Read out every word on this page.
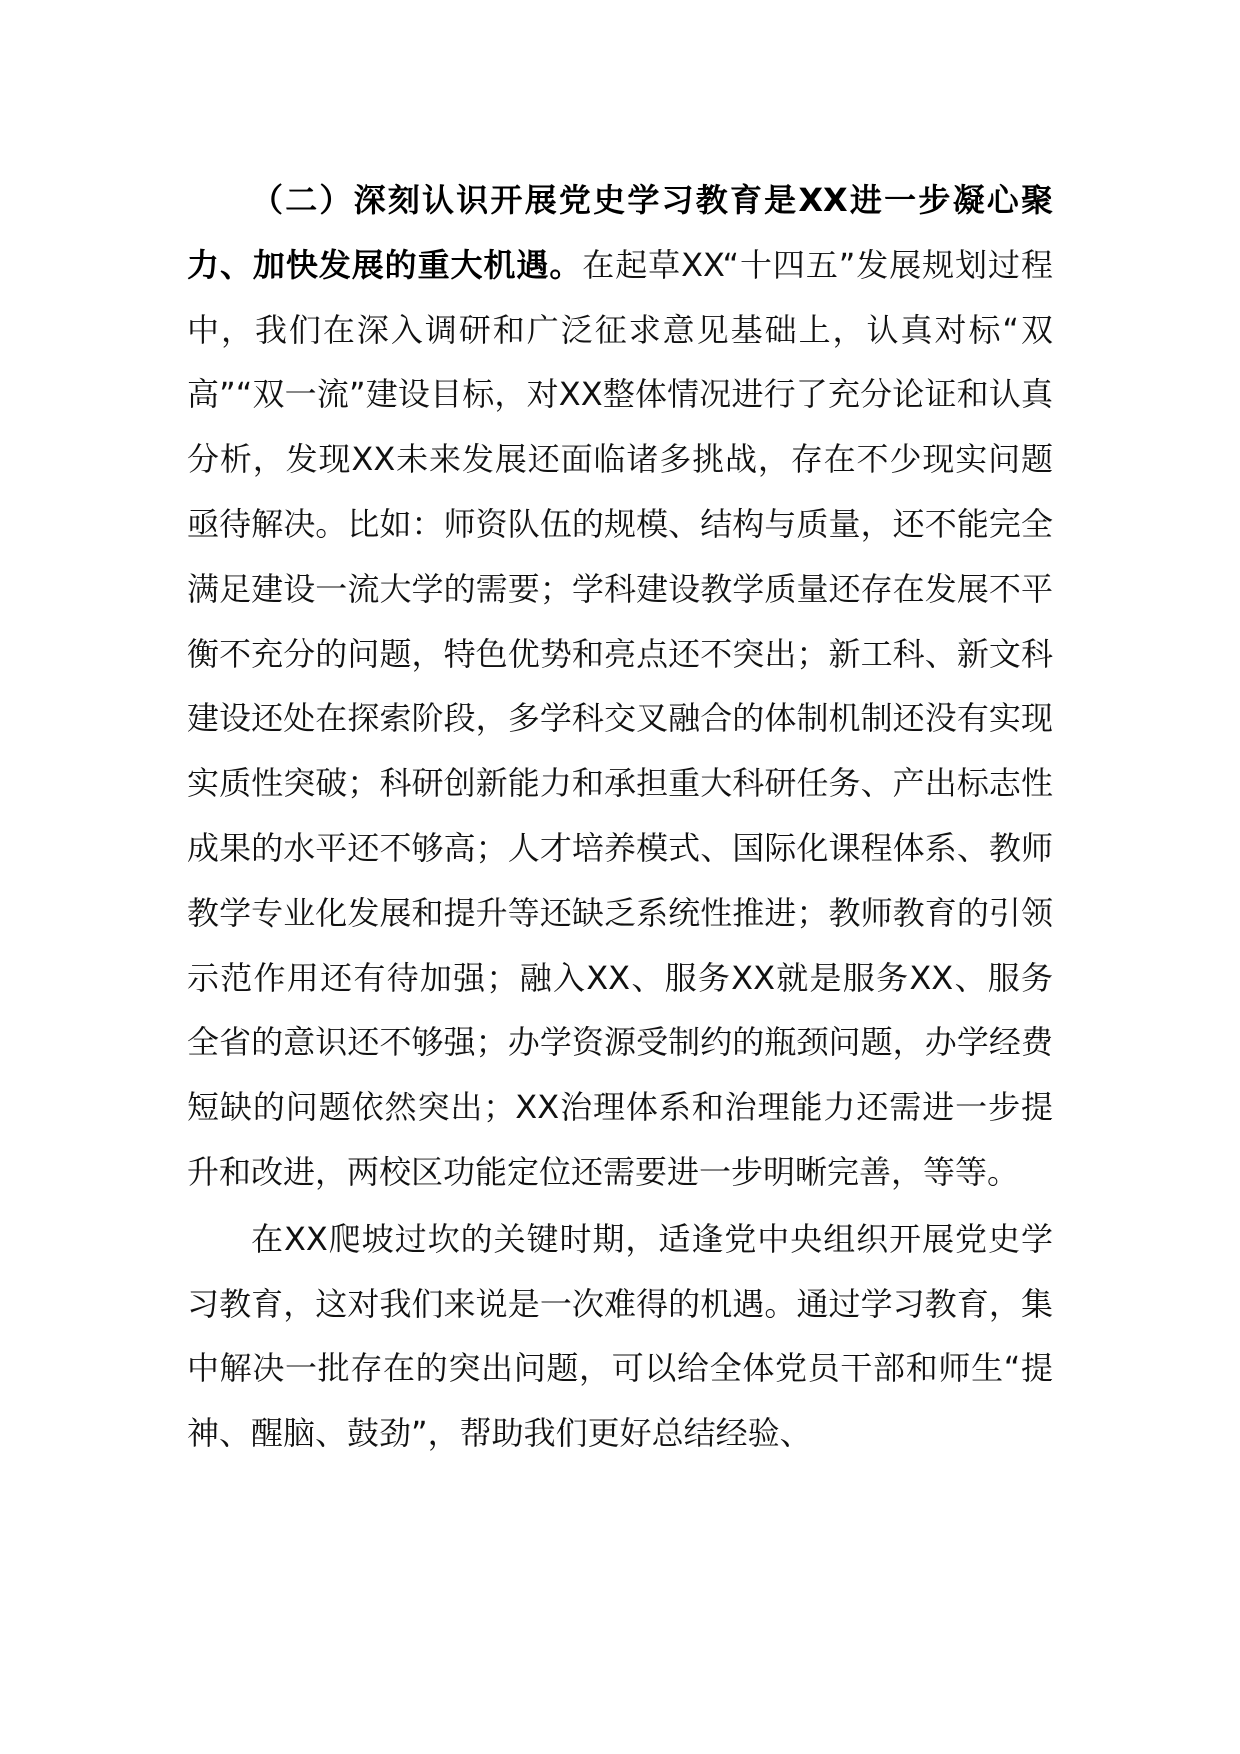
（二）深刻认识开展党史学习教育是XX进一步凝心聚力、加快发展的重大机遇。在起草XX“十四五”发展规划过程中，我们在深入调研和广泛征求意见基础上，认真对标“双高”“双一流”建设目标，对XX整体情况进行了充分论证和认真分析，发现XX未来发展还面临诸多挑战，存在不少现实问题亟待解决。比如：师资队伍的规模、结构与质量，还不能完全满足建设一流大学的需要；学科建设教学质量还存在发展不平衡不充分的问题，特色优势和亮点还不突出；新工科、新文科建设还处在探索阶段，多学科交叉融合的体制机制还没有实现实质性突破；科研创新能力和承担重大科研任务、产出标志性成果的水平还不够高；人才培养模式、国际化课程体系、教师教学专业化发展和提升等还缺乏系统性推进；教师教育的引领示范作用还有待加强；融入XX、服务XX就是服务XX、服务全省的意识还不够强；办学资源受制约的瓶颈问题，办学经费短缺的问题依然突出；XX治理体系和治理能力还需进一步提升和改进，两校区功能定位还需要进一步明晰完善，等等。

在XX爬坡过坎的关键时期，适逢党中央组织开展党史学习教育，这对我们来说是一次难得的机遇。通过学习教育，集中解决一批存在的突出问题，可以给全体党员干部和师生“提神、醒脑、鼓劲”，帮助我们更好总结经验、
